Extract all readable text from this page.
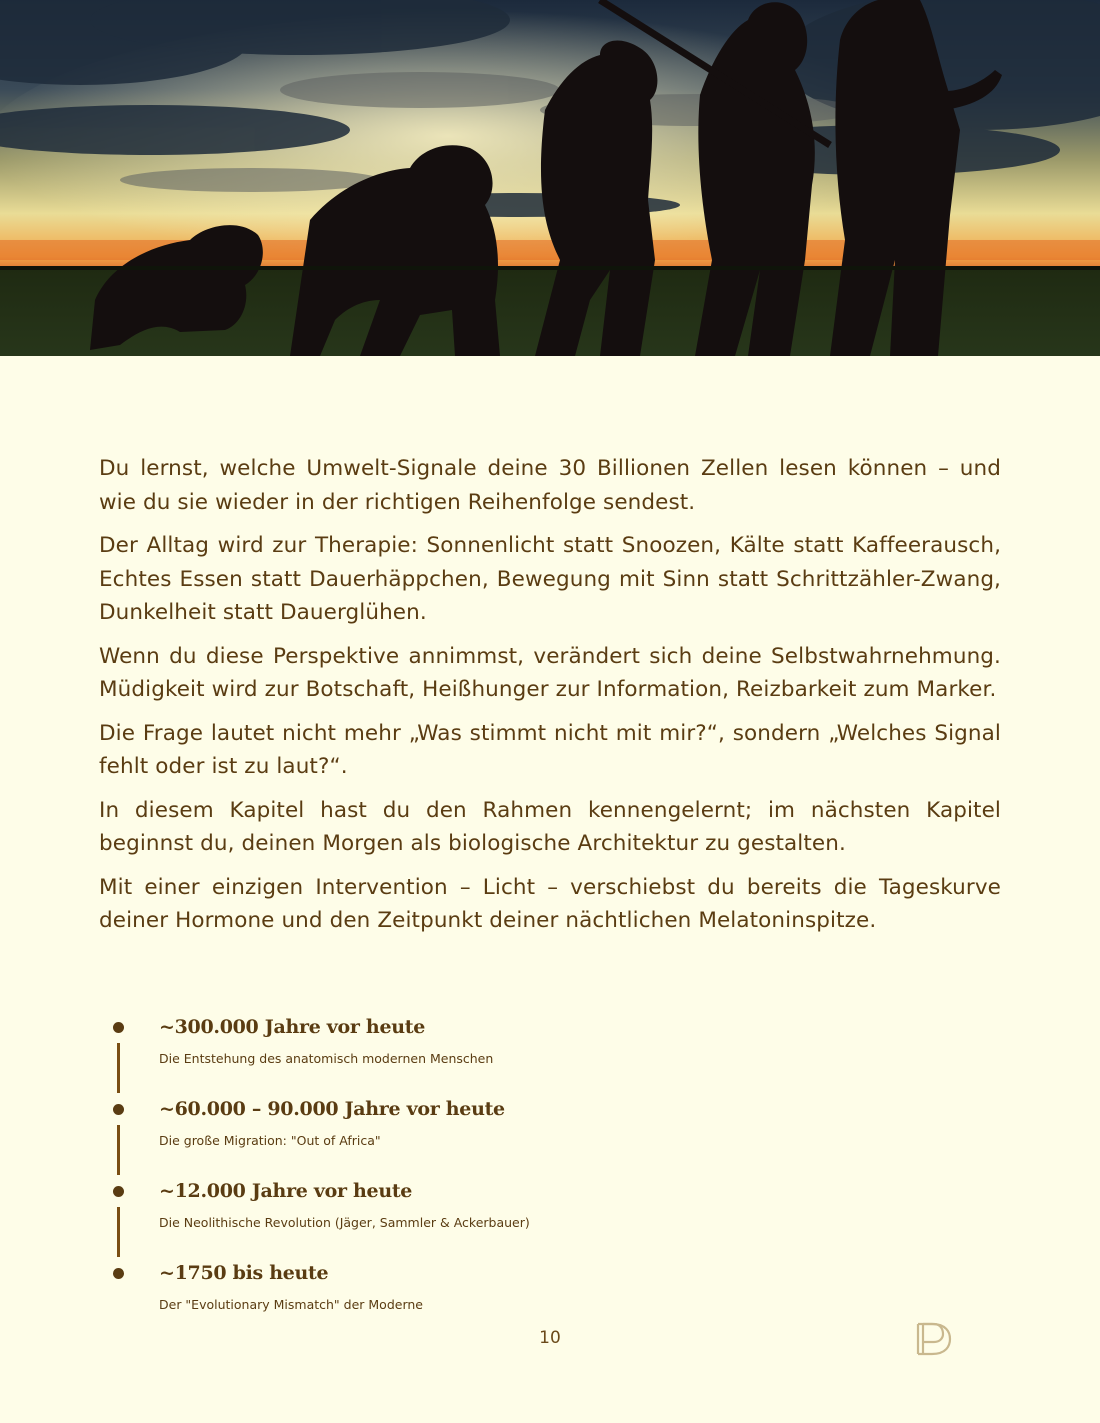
Du lernst, welche Umwelt-Signale deine 30 Billionen Zellen lesen können – und wie du sie wieder in der richtigen Reihenfolge sendest.

Der Alltag wird zur Therapie: Sonnenlicht statt Snoozen, Kälte statt Kaffeerausch, Echtes Essen statt Dauerhäppchen, Bewegung mit Sinn statt Schrittzähler-Zwang, Dunkelheit statt Dauerglühen.

Wenn du diese Perspektive annimmst, verändert sich deine Selbstwahrnehmung. Müdigkeit wird zur Botschaft, Heißhunger zur Information, Reizbarkeit zum Marker.

Die Frage lautet nicht mehr „Was stimmt nicht mit mir?“, sondern „Welches Signal fehlt oder ist zu laut?“.

In diesem Kapitel hast du den Rahmen kennengelernt; im nächsten Kapitel beginnst du, deinen Morgen als biologische Architektur zu gestalten.

Mit einer einzigen Intervention – Licht – verschiebst du bereits die Tageskurve deiner Hormone und den Zeitpunkt deiner nächtlichen Melatoninspitze.

~300.000 Jahre vor heute
Die Entstehung des anatomisch modernen Menschen
~60.000 – 90.000 Jahre vor heute
Die große Migration: "Out of Africa"
~12.000 Jahre vor heute
Die Neolithische Revolution (Jäger, Sammler & Ackerbauer)
~1750 bis heute
Der "Evolutionary Mismatch" der Moderne
10
